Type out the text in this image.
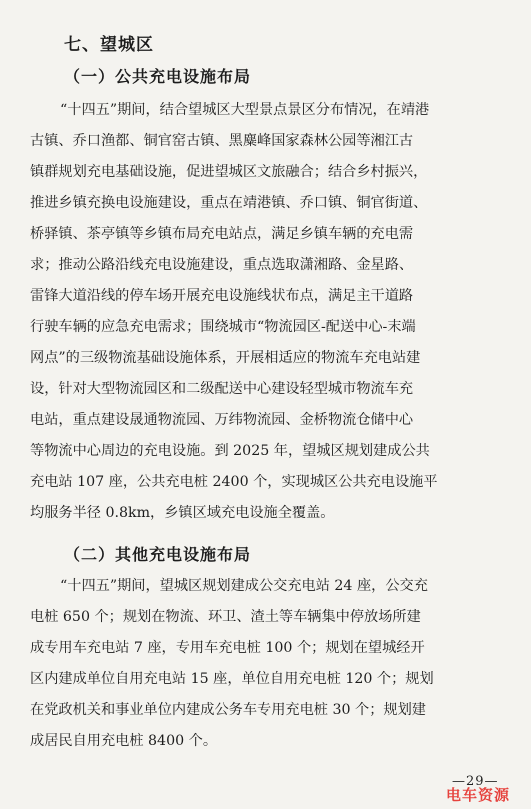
七、望城区
（一）公共充电设施布局
“十四五”期间，结合望城区大型景点景区分布情况，在靖港
古镇、乔口渔都、铜官窑古镇、黑麋峰国家森林公园等湘江古
镇群规划充电基础设施，促进望城区文旅融合；结合乡村振兴，
推进乡镇充换电设施建设，重点在靖港镇、乔口镇、铜官街道、
桥驿镇、茶亭镇等乡镇布局充电站点，满足乡镇车辆的充电需
求；推动公路沿线充电设施建设，重点选取潇湘路、金星路、
雷锋大道沿线的停车场开展充电设施线状布点，满足主干道路
行驶车辆的应急充电需求；围绕城市“物流园区-配送中心-末端
网点”的三级物流基础设施体系，开展相适应的物流车充电站建
设，针对大型物流园区和二级配送中心建设轻型城市物流车充
电站，重点建设晟通物流园、万纬物流园、金桥物流仓储中心
等物流中心周边的充电设施。到 2025 年，望城区规划建成公共
充电站 107 座，公共充电桩 2400 个，实现城区公共充电设施平
均服务半径 0.8km，乡镇区域充电设施全覆盖。
（二）其他充电设施布局
“十四五”期间，望城区规划建成公交充电站 24 座，公交充
电桩 650 个；规划在物流、环卫、渣土等车辆集中停放场所建
成专用车充电站 7 座，专用车充电桩 100 个；规划在望城经开
区内建成单位自用充电站 15 座，单位自用充电桩 120 个；规划
在党政机关和事业单位内建成公务车专用充电桩 30 个；规划建
成居民自用充电桩 8400 个。
—29—
电车资源
